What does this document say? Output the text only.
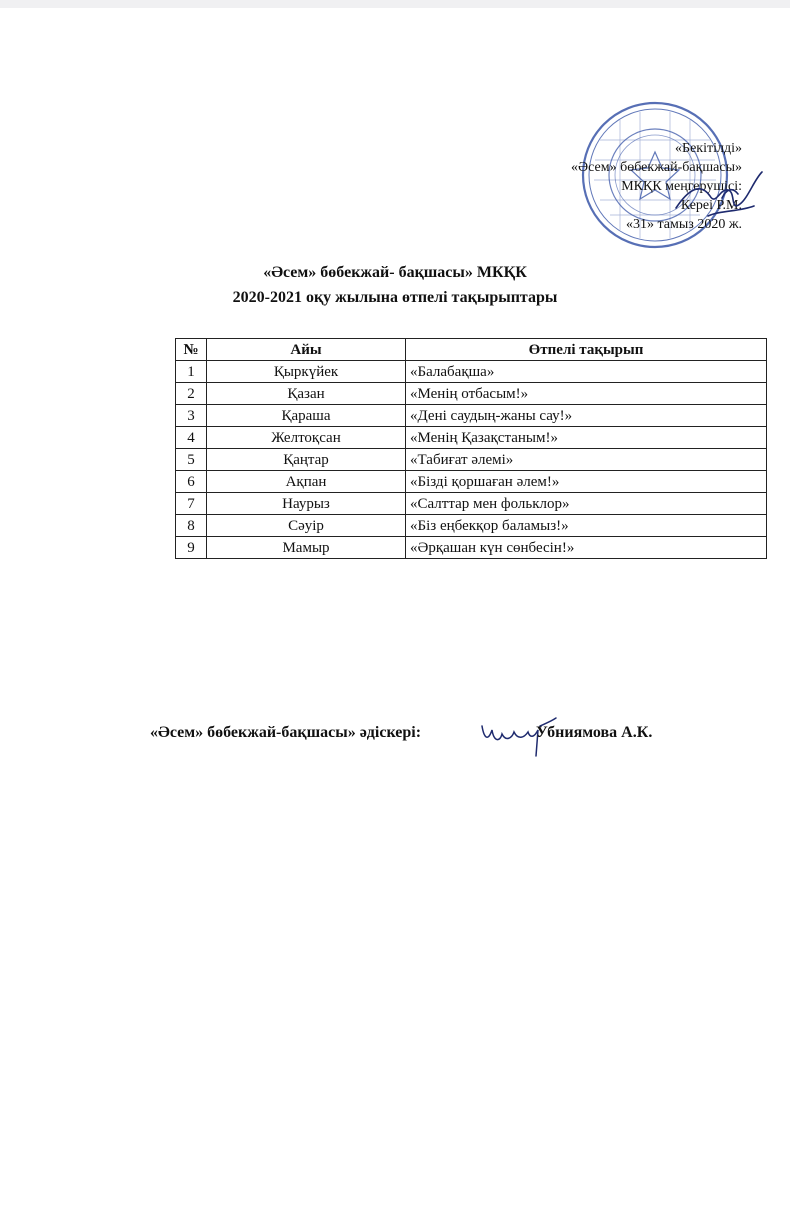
«Бекітілді»
«Әсем» бөбекжай-бақшасы»
МКҚК меңгерушісі:
Кереі Р.М.
«31» тамыз 2020 ж.
«Әсем» бөбекжай- бақшасы» МКҚК
2020-2021 оқу жылына өтпелі тақырыптары
№	Айы	Өтпелі тақырып
1	Қыркүйек	«Балабақша»
2	Қазан	«Менің отбасым!»
3	Қараша	«Дені саудың-жаны сау!»
4	Желтоқсан	«Менің Қазақстаным!»
5	Қаңтар	«Табиғат әлемі»
6	Ақпан	«Бізді қоршаған әлем!»
7	Наурыз	«Салттар мен фольклор»
8	Сәуір	«Біз еңбекқор баламыз!»
9	Мамыр	«Әрқашан күн сөнбесін!»
«Әсем» бөбекжай-бақшасы» әдіскері:	Убниямова А.К.
